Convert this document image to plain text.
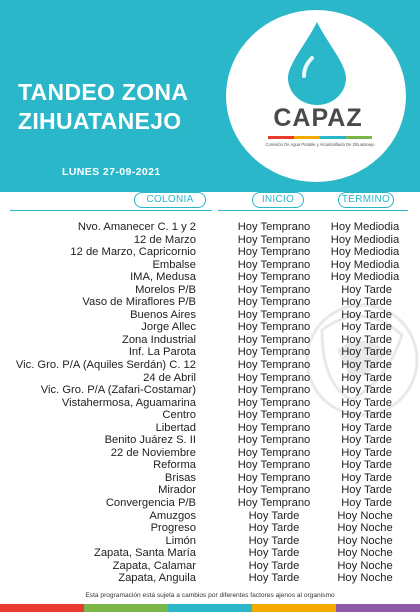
TANDEO ZONA
ZIHUATANEJO
LUNES 27-09-2021
CAPAZ
Comisión De Agua Potable y Alcantarillado De Zihuatanejo
COLONIA	INICIO	TÉRMINO
Nvo. Amanecer C. 1 y 2	Hoy Temprano	Hoy Mediodia
12 de Marzo	Hoy Temprano	Hoy Mediodia
12 de Marzo, Capricornio	Hoy Temprano	Hoy Mediodia
Embalse	Hoy Temprano	Hoy Mediodia
IMA, Medusa	Hoy Temprano	Hoy Mediodia
Morelos P/B	Hoy Temprano	Hoy Tarde
Vaso de Miraflores P/B	Hoy Temprano	Hoy Tarde
Buenos Aires	Hoy Temprano	Hoy Tarde
Jorge Allec	Hoy Temprano	Hoy Tarde
Zona Industrial	Hoy Temprano	Hoy Tarde
Inf. La Parota	Hoy Temprano	Hoy Tarde
Vic. Gro. P/A (Aquiles Serdán) C. 12	Hoy Temprano	Hoy Tarde
24 de Abril	Hoy Temprano	Hoy Tarde
Vic. Gro. P/A (Zafari-Costamar)	Hoy Temprano	Hoy Tarde
Vistahermosa, Aguamarina	Hoy Temprano	Hoy Tarde
Centro	Hoy Temprano	Hoy Tarde
Libertad	Hoy Temprano	Hoy Tarde
Benito Juárez S. II	Hoy Temprano	Hoy Tarde
22 de Noviembre	Hoy Temprano	Hoy Tarde
Reforma	Hoy Temprano	Hoy Tarde
Brisas	Hoy Temprano	Hoy Tarde
Mirador	Hoy Temprano	Hoy Tarde
Convergencia P/B	Hoy Temprano	Hoy Tarde
Amuzgos	Hoy Tarde	Hoy Noche
Progreso	Hoy Tarde	Hoy Noche
Limón	Hoy Tarde	Hoy Noche
Zapata, Santa María	Hoy Tarde	Hoy Noche
Zapata, Calamar	Hoy Tarde	Hoy Noche
Zapata, Anguila	Hoy Tarde	Hoy Noche
Esta programación está sujeta a cambios por diferentes factores ajenos al organismo
